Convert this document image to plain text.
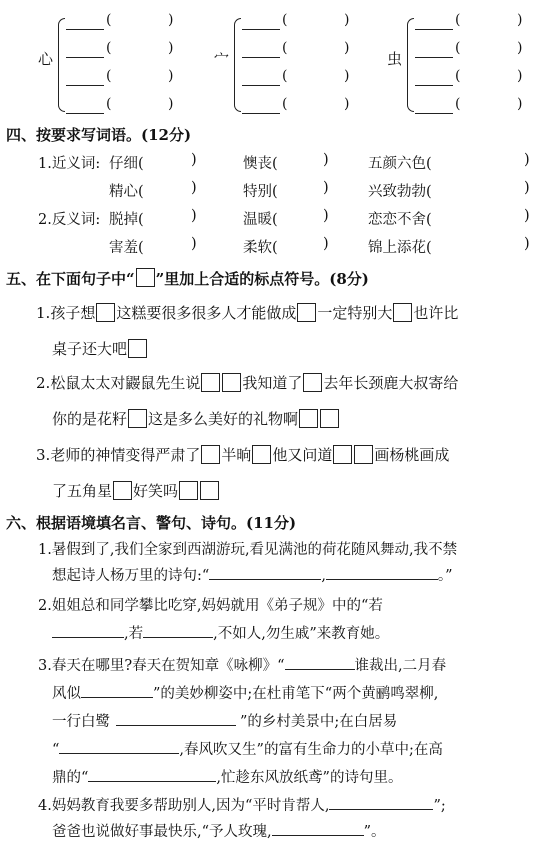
心
(	)
(	)
(	)
(	)
宀
(	)
(	)
(	)
(	)
虫
(	)
(	)
(	)
(	)
四、按要求写词语。(12分)
1.近义词:
2.反义词:
仔细(	)	懊丧(	)	五颜六色(	)
精心(	)	特别(	)	兴致勃勃(	)
脱掉(	)	温暖(	)	恋恋不舍(	)
害羞(	)	柔软(	)	锦上添花(	)
五、在下面句子中“ ”里加上合适的标点符号。(8分)
1.孩子想 这糕要很多很多人才能做成 一定特别大 也许比
桌子还大吧
2.松鼠太太对鼹鼠先生说	我知道了 去年长颈鹿大叔寄给
你的是花籽 这是多么美好的礼物啊
3.老师的神情变得严肃了 半晌 他又问道	画杨桃画成
了五角星 好笑吗
六、根据语境填名言、警句、诗句。(11分)
1.暑假到了,我们全家到西湖游玩,看见满池的荷花随风舞动,我不禁
想起诗人杨万里的诗句:“	,	。”
2.姐姐总和同学攀比吃穿,妈妈就用《弟子规》中的“若
,若	,不如人,勿生戚”来教育她。
3.春天在哪里?春天在贺知章《咏柳》“	谁裁出,二月春
风似	”的美妙柳姿中;在杜甫笔下“两个黄鹂鸣翠柳,
一行白鹭	”的乡村美景中;在白居易
“	,春风吹又生”的富有生命力的小草中;在高
鼎的“	,忙趁东风放纸鸢”的诗句里。
4.妈妈教育我要多帮助别人,因为“平时肯帮人,	”;
爸爸也说做好事最快乐,“予人玫瑰,	”。
